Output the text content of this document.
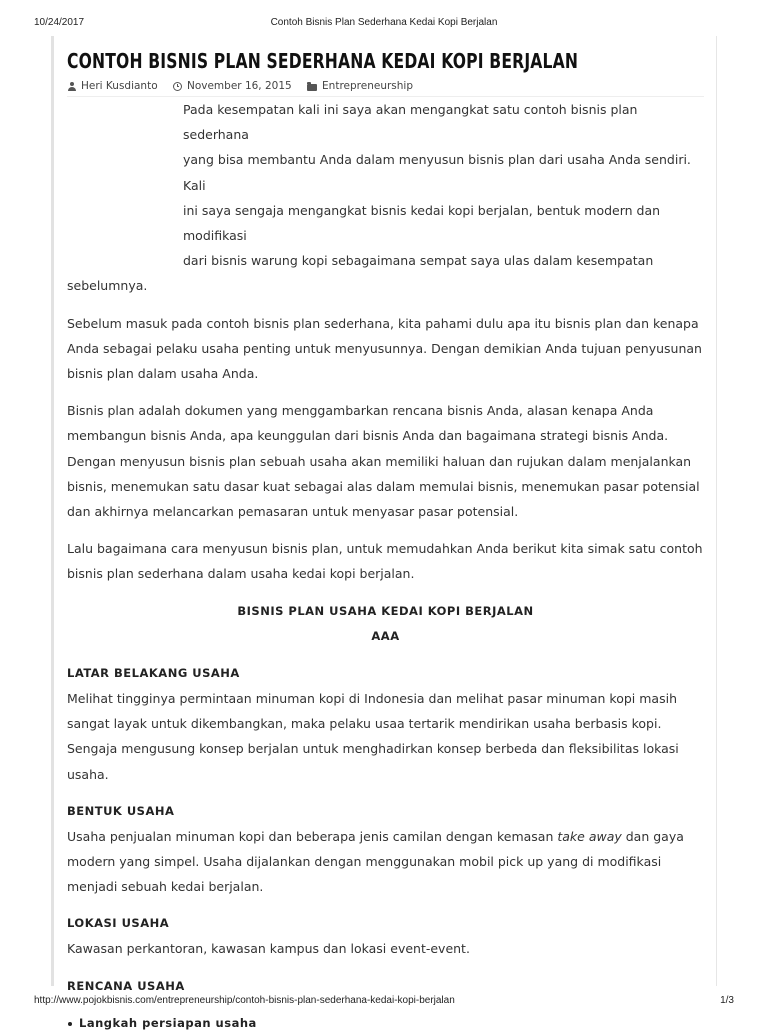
10/24/2017	Contoh Bisnis Plan Sederhana Kedai Kopi Berjalan
CONTOH BISNIS PLAN SEDERHANA KEDAI KOPI BERJALAN
Heri Kusdianto	November 16, 2015	Entrepreneurship

Pada kesempatan kali ini saya akan mengangkat satu contoh bisnis plan sederhana
yang bisa membantu Anda dalam menyusun bisnis plan dari usaha Anda sendiri. Kali
ini saya sengaja mengangkat bisnis kedai kopi berjalan, bentuk modern dan modifikasi
dari bisnis warung kopi sebagaimana sempat saya ulas dalam kesempatan
sebelumnya.

Sebelum masuk pada contoh bisnis plan sederhana, kita pahami dulu apa itu bisnis plan dan kenapa Anda sebagai pelaku usaha penting untuk menyusunnya. Dengan demikian Anda tujuan penyusunan bisnis plan dalam usaha Anda.

Bisnis plan adalah dokumen yang menggambarkan rencana bisnis Anda, alasan kenapa Anda membangun bisnis Anda, apa keunggulan dari bisnis Anda dan bagaimana strategi bisnis Anda. Dengan menyusun bisnis plan sebuah usaha akan memiliki haluan dan rujukan dalam menjalankan bisnis, menemukan satu dasar kuat sebagai alas dalam memulai bisnis, menemukan pasar potensial dan akhirnya melancarkan pemasaran untuk menyasar pasar potensial.

Lalu bagaimana cara menyusun bisnis plan, untuk memudahkan Anda berikut kita simak satu contoh bisnis plan sederhana dalam usaha kedai kopi berjalan.

BISNIS PLAN USAHA KEDAI KOPI BERJALAN

AAA

LATAR BELAKANG USAHA

Melihat tingginya permintaan minuman kopi di Indonesia dan melihat pasar minuman kopi masih sangat layak untuk dikembangkan, maka pelaku usaa tertarik mendirikan usaha berbasis kopi. Sengaja mengusung konsep berjalan untuk menghadirkan konsep berbeda dan fleksibilitas lokasi usaha.

BENTUK USAHA

Usaha penjualan minuman kopi dan beberapa jenis camilan dengan kemasan take away dan gaya modern yang simpel. Usaha dijalankan dengan menggunakan mobil pick up yang di modifikasi menjadi sebuah kedai berjalan.

LOKASI USAHA

Kawasan perkantoran, kawasan kampus dan lokasi event-event.

RENCANA USAHA
Langkah persiapan usaha
http://www.pojokbisnis.com/entrepreneurship/contoh-bisnis-plan-sederhana-kedai-kopi-berjalan	1/3
